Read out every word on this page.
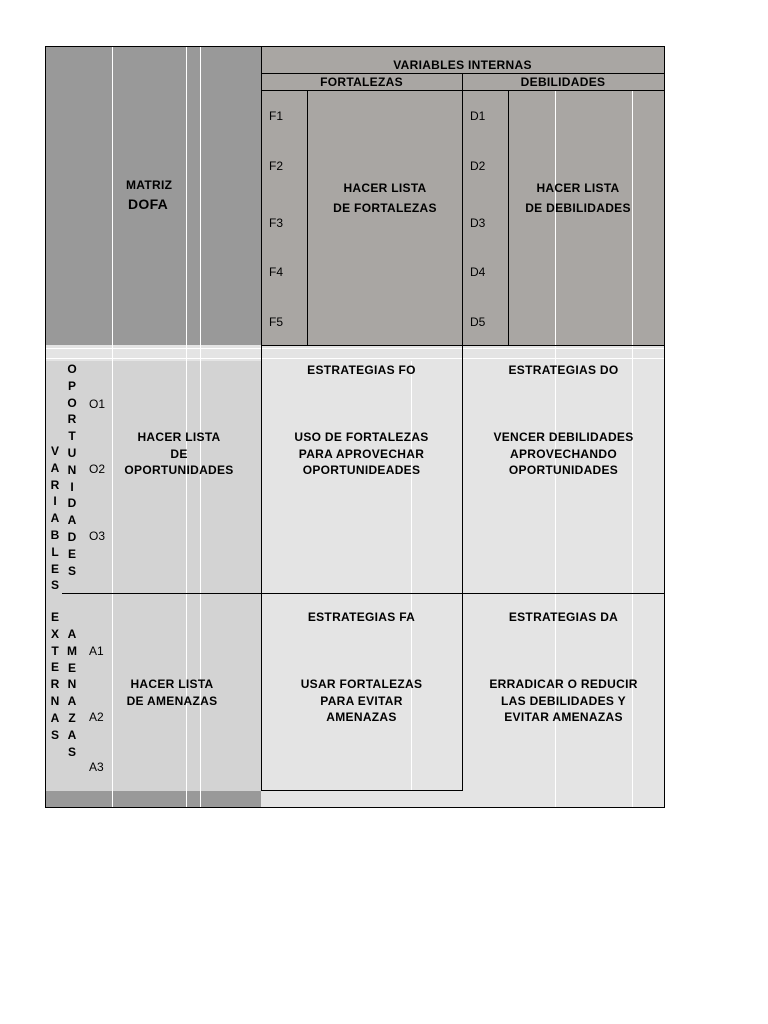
VARIABLES INTERNAS
FORTALEZAS	DEBILIDADES
MATRIZ
DOFA
F1
F2
F3
F4
F5
D1
D2
D3
D4
D5
HACER LISTA
DE FORTALEZAS
HACER LISTA
DE DEBILIDADES
V
A
R
I
A
B
L
E
S
E
X
T
E
R
N
A
S
O
P
O
R
T
U
N
I
D
A
D
E
S
A
M
E
N
A
Z
A
S
O1
O2
O3
A1
A2
A3
HACER LISTA
DE
OPORTUNIDADES
HACER LISTA
DE AMENAZAS
ESTRATEGIAS FO
USO DE FORTALEZAS
PARA APROVECHAR
OPORTUNIDEADES
ESTRATEGIAS DO
VENCER DEBILIDADES
APROVECHANDO
OPORTUNIDADES
ESTRATEGIAS FA
USAR FORTALEZAS
PARA EVITAR
AMENAZAS
ESTRATEGIAS DA
ERRADICAR O REDUCIR
LAS DEBILIDADES Y
EVITAR AMENAZAS
